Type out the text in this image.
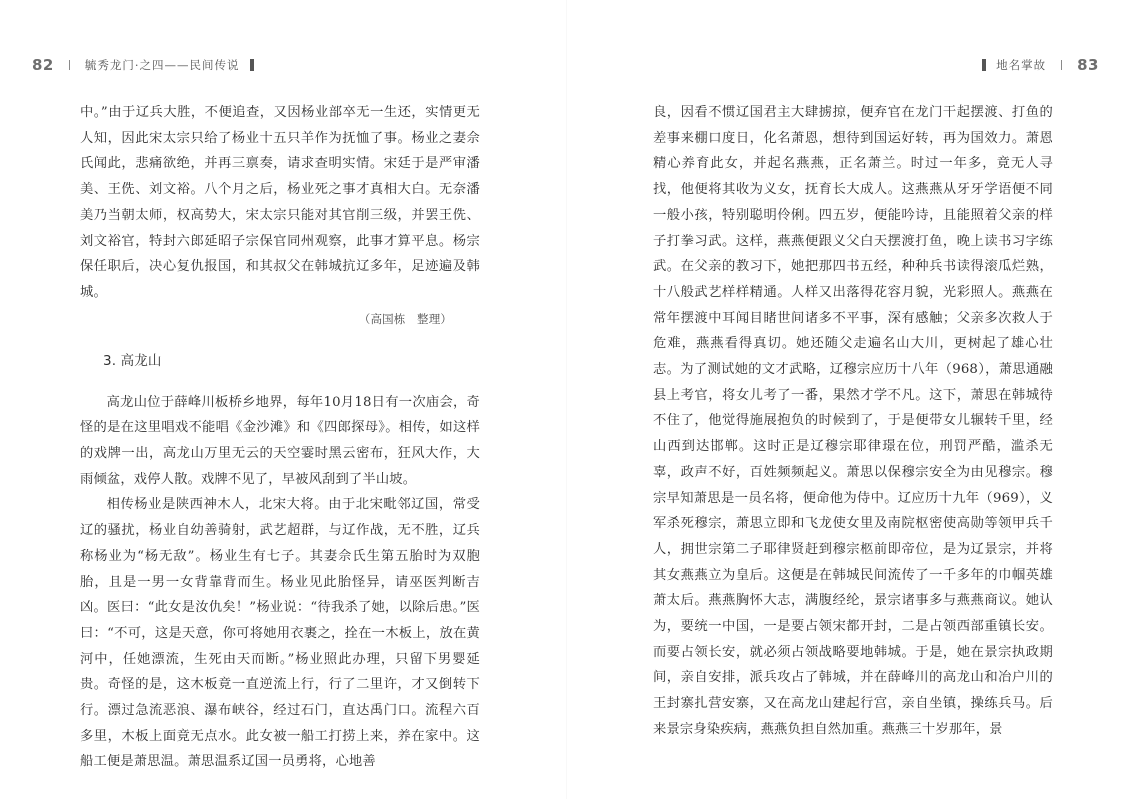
82	毓秀龙门·之四——民间传说	地名掌故 83

中。”由于辽兵大胜，不便追查，又因杨业部卒无一生还，实情更无人知，因此宋太宗只给了杨业十五只羊作为抚恤了事。杨业之妻佘氏闻此，悲痛欲绝，并再三禀奏，请求查明实情。宋廷于是严审潘美、王侁、刘文裕。八个月之后，杨业死之事才真相大白。无奈潘美乃当朝太师，权高势大，宋太宗只能对其官削三级，并罢王侁、刘文裕官，特封六郎延昭子宗保官同州观察，此事才算平息。杨宗保任职后，决心复仇报国，和其叔父在韩城抗辽多年，足迹遍及韩城。

（高国栋　整理）

3. 高龙山

高龙山位于薛峰川板桥乡地界，每年10月18日有一次庙会，奇怪的是在这里唱戏不能唱《金沙滩》和《四郎探母》。相传，如这样的戏牌一出，高龙山万里无云的天空霎时黑云密布，狂风大作，大雨倾盆，戏停人散。戏牌不见了，早被风刮到了半山坡。

相传杨业是陕西神木人，北宋大将。由于北宋毗邻辽国，常受辽的骚扰，杨业自幼善骑射，武艺超群，与辽作战，无不胜，辽兵称杨业为“杨无敌”。杨业生有七子。其妻佘氏生第五胎时为双胞胎，且是一男一女背靠背而生。杨业见此胎怪异，请巫医判断吉凶。医曰：“此女是汝仇矣！”杨业说：“待我杀了她，以除后患。”医曰：“不可，这是天意，你可将她用衣裹之，拴在一木板上，放在黄河中，任她漂流，生死由天而断。”杨业照此办理，只留下男婴延贵。奇怪的是，这木板竟一直逆流上行，行了二里许，才又倒转下行。漂过急流恶浪、瀑布峡谷，经过石门，直达禹门口。流程六百多里，木板上面竟无点水。此女被一船工打捞上来，养在家中。这船工便是萧思温。萧思温系辽国一员勇将，心地善

良，因看不惯辽国君主大肆掳掠，便弃官在龙门干起摆渡、打鱼的差事来棚口度日，化名萧恩，想待到国运好转，再为国效力。萧恩精心养育此女，并起名燕燕，正名萧兰。时过一年多，竟无人寻找，他便将其收为义女，抚育长大成人。这燕燕从牙牙学语便不同一般小孩，特别聪明伶俐。四五岁，便能吟诗，且能照着父亲的样子打拳习武。这样，燕燕便跟义父白天摆渡打鱼，晚上读书习字练武。在父亲的教习下，她把那四书五经，种种兵书读得滚瓜烂熟，十八般武艺样样精通。人样又出落得花容月貌，光彩照人。燕燕在常年摆渡中耳闻目睹世间诸多不平事，深有感触；父亲多次救人于危难，燕燕看得真切。她还随父走遍名山大川，更树起了雄心壮志。为了测试她的文才武略，辽穆宗应历十八年（968），萧思通融县上考官，将女儿考了一番，果然才学不凡。这下，萧思在韩城待不住了，他觉得施展抱负的时候到了，于是便带女儿辗转千里，经山西到达邯郸。这时正是辽穆宗耶律璟在位，刑罚严酷，滥杀无辜，政声不好，百姓频频起义。萧思以保穆宗安全为由见穆宗。穆宗早知萧思是一员名将，便命他为侍中。辽应历十九年（969），义军杀死穆宗，萧思立即和飞龙使女里及南院枢密使高勋等领甲兵千人，拥世宗第二子耶律贤赶到穆宗柩前即帝位，是为辽景宗，并将其女燕燕立为皇后。这便是在韩城民间流传了一千多年的巾帼英雄萧太后。燕燕胸怀大志，满腹经纶，景宗诸事多与燕燕商议。她认为，要统一中国，一是要占领宋都开封，二是占领西部重镇长安。而要占领长安，就必须占领战略要地韩城。于是，她在景宗执政期间，亲自安排，派兵攻占了韩城，并在薛峰川的高龙山和冶户川的王封寨扎营安寨，又在高龙山建起行宫，亲自坐镇，操练兵马。后来景宗身染疾病，燕燕负担自然加重。燕燕三十岁那年，景
